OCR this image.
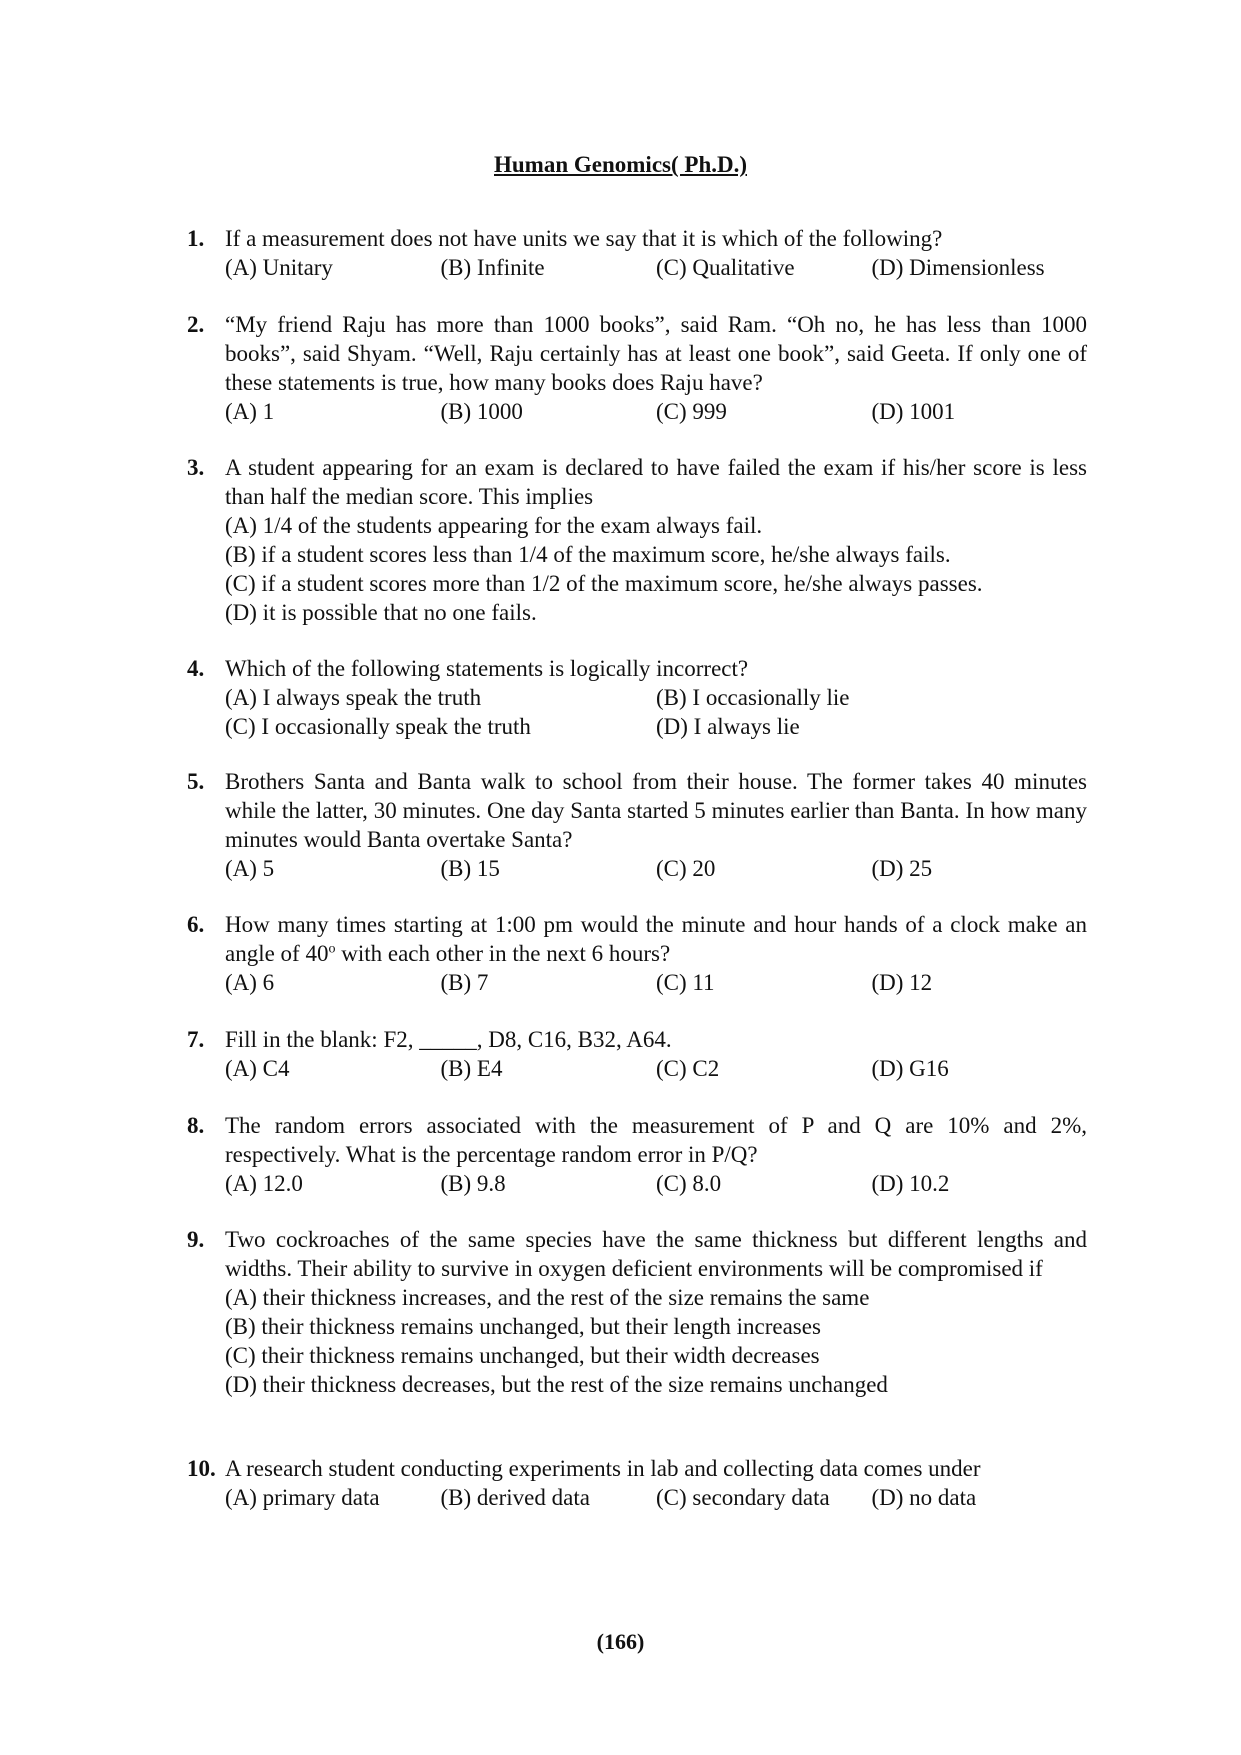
Human Genomics( Ph.D.)
1. If a measurement does not have units we say that it is which of the following?
(A) Unitary	(B) Infinite	(C) Qualitative	(D) Dimensionless
2. “My friend Raju has more than 1000 books”, said Ram. “Oh no, he has less than 1000 books”, said Shyam. “Well, Raju certainly has at least one book”, said Geeta. If only one of these statements is true, how many books does Raju have?
(A) 1	(B) 1000	(C) 999	(D) 1001
3. A student appearing for an exam is declared to have failed the exam if his/her score is less than half the median score. This implies
(A) 1/4 of the students appearing for the exam always fail.
(B) if a student scores less than 1/4 of the maximum score, he/she always fails.
(C) if a student scores more than 1/2 of the maximum score, he/she always passes.
(D) it is possible that no one fails.
4. Which of the following statements is logically incorrect?
(A) I always speak the truth	(B) I occasionally lie
(C) I occasionally speak the truth	(D) I always lie
5. Brothers Santa and Banta walk to school from their house. The former takes 40 minutes while the latter, 30 minutes. One day Santa started 5 minutes earlier than Banta. In how many minutes would Banta overtake Santa?
(A) 5	(B) 15	(C) 20	(D) 25
6. How many times starting at 1:00 pm would the minute and hour hands of a clock make an angle of 40$^o$ with each other in the next 6 hours?
(A) 6	(B) 7	(C) 11	(D) 12
7. Fill in the blank: F2, _____, D8, C16, B32, A64.
(A) C4	(B) E4	(C) C2	(D) G16
8. The random errors associated with the measurement of P and Q are 10% and 2%, respectively. What is the percentage random error in P/Q?
(A) 12.0	(B) 9.8	(C) 8.0	(D) 10.2
9. Two cockroaches of the same species have the same thickness but different lengths and widths. Their ability to survive in oxygen deficient environments will be compromised if
(A) their thickness increases, and the rest of the size remains the same
(B) their thickness remains unchanged, but their length increases
(C) their thickness remains unchanged, but their width decreases
(D) their thickness decreases, but the rest of the size remains unchanged
10. A research student conducting experiments in lab and collecting data comes under
(A) primary data	(B) derived data	(C) secondary data	(D) no data
(166)
